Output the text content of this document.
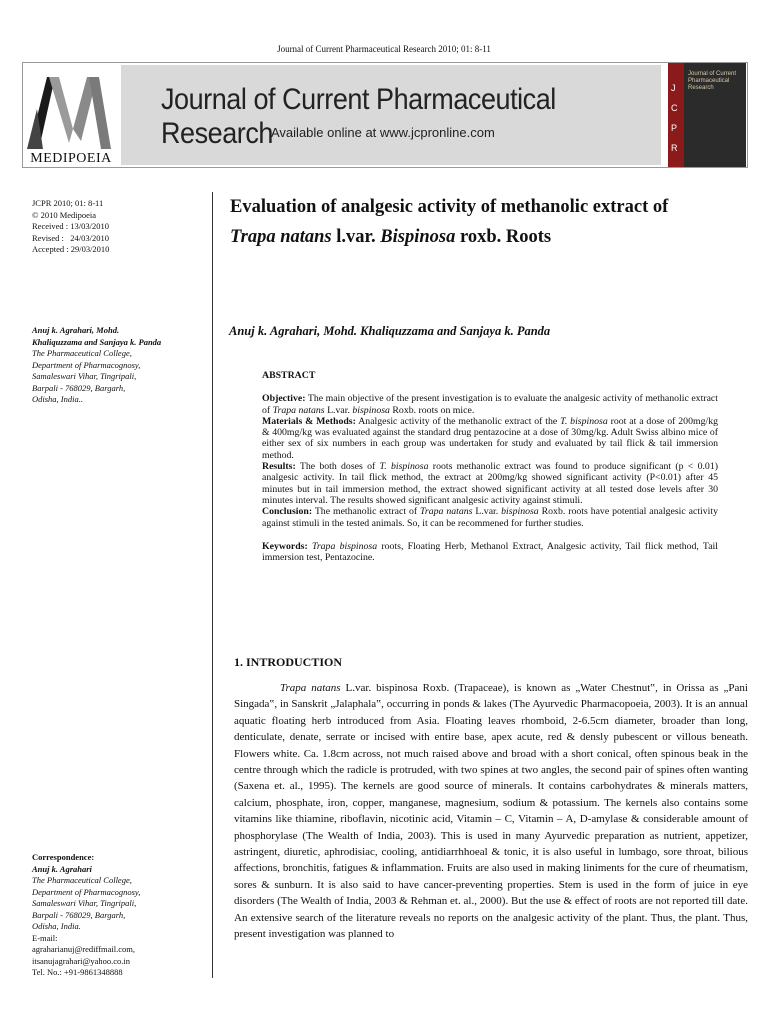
Journal of Current Pharmaceutical Research 2010; 01: 8-11
MEDIPOEIA
Journal of Current Pharmaceutical Research
Available online at www.jcpronline.com
J
C
P
R
Journal of Current Pharmaceutical Research
JCPR 2010; 01: 8-11
© 2010 Medipoeia
Received : 13/03/2010
Revised :   24/03/2010
Accepted : 29/03/2010
Anuj k. Agrahari, Mohd.
Khaliquzzama and Sanjaya k. Panda
The Pharmaceutical College,
Department of Pharmacognosy,
Samaleswari Vihar, Tingripali,
Barpali - 768029, Bargarh,
Odisha, India..
Correspondence:
Anuj k. Agrahari
The Pharmaceutical College,
Department of Pharmacognosy,
Samaleswari Vihar, Tingripali,
Barpali - 768029, Bargarh,
Odisha, India.
E-mail:
agraharianuj@rediffmail.com,
itsanujagrahari@yahoo.co.in
Tel. No.: +91-9861348888
Evaluation of analgesic activity of methanolic extract of Trapa natans l.var. Bispinosa roxb. Roots
Anuj k. Agrahari, Mohd. Khaliquzzama and Sanjaya k. Panda

ABSTRACT

Objective: The main objective of the present investigation is to evaluate the analgesic activity of methanolic extract of Trapa natans L.var. bispinosa Roxb. roots on mice.

Materials & Methods: Analgesic activity of the methanolic extract of the T. bispinosa root at a dose of 200mg/kg & 400mg/kg was evaluated against the standard drug pentazocine at a dose of 30mg/kg. Adult Swiss albino mice of either sex of six numbers in each group was undertaken for study and evaluated by tail flick & tail immersion method.

Results: The both doses of T. bispinosa roots methanolic extract was found to produce significant (p < 0.01) analgesic activity. In tail flick method, the extract at 200mg/kg showed significant activity (P<0.01) after 45 minutes but in tail immersion method, the extract showed significant activity at all tested dose levels after 30 minutes interval. The results showed significant analgesic activity against stimuli.

Conclusion: The methanolic extract of Trapa natans L.var. bispinosa Roxb. roots have potential analgesic activity against stimuli in the tested animals. So, it can be recommened for further studies.

Keywords: Trapa bispinosa roots, Floating Herb, Methanol Extract, Analgesic activity, Tail flick method, Tail immersion test, Pentazocine.

1. INTRODUCTION

Trapa natans L.var. bispinosa Roxb. (Trapaceae), is known as „Water Chestnut‟, in Orissa as „Pani Singada‟, in Sanskrit „Jalaphala‟, occurring in ponds & lakes (The Ayurvedic Pharmacopoeia, 2003). It is an annual aquatic floating herb introduced from Asia. Floating leaves rhomboid, 2-6.5cm diameter, broader than long, denticulate, denate, serrate or incised with entire base, apex acute, red & densly pubescent or villous beneath. Flowers white. Ca. 1.8cm across, not much raised above and broad with a short conical, often spinous beak in the centre through which the radicle is protruded, with two spines at two angles, the second pair of spines often wanting (Saxena et. al., 1995). The kernels are good source of minerals. It contains carbohydrates & minerals matters, calcium, phosphate, iron, copper, manganese, magnesium, sodium & potassium. The kernels also contains some vitamins like thiamine, riboflavin, nicotinic acid, Vitamin – C, Vitamin – A, D-amylase & considerable amount of phosphorylase (The Wealth of India, 2003). This is used in many Ayurvedic preparation as nutrient, appetizer, astringent, diuretic, aphrodisiac, cooling, antidiarrhhoeal & tonic, it is also useful in lumbago, sore throat, bilious affections, bronchitis, fatigues & inflammation. Fruits are also used in making liniments for the cure of rheumatism, sores & sunburn. It is also said to have cancer-preventing properties. Stem is used in the form of juice in eye disorders (The Wealth of India, 2003 & Rehman et. al., 2000). But the use & effect of roots are not reported till date. An extensive search of the literature reveals no reports on the analgesic activity of the plant. Thus, the plant. Thus, present investigation was planned to
